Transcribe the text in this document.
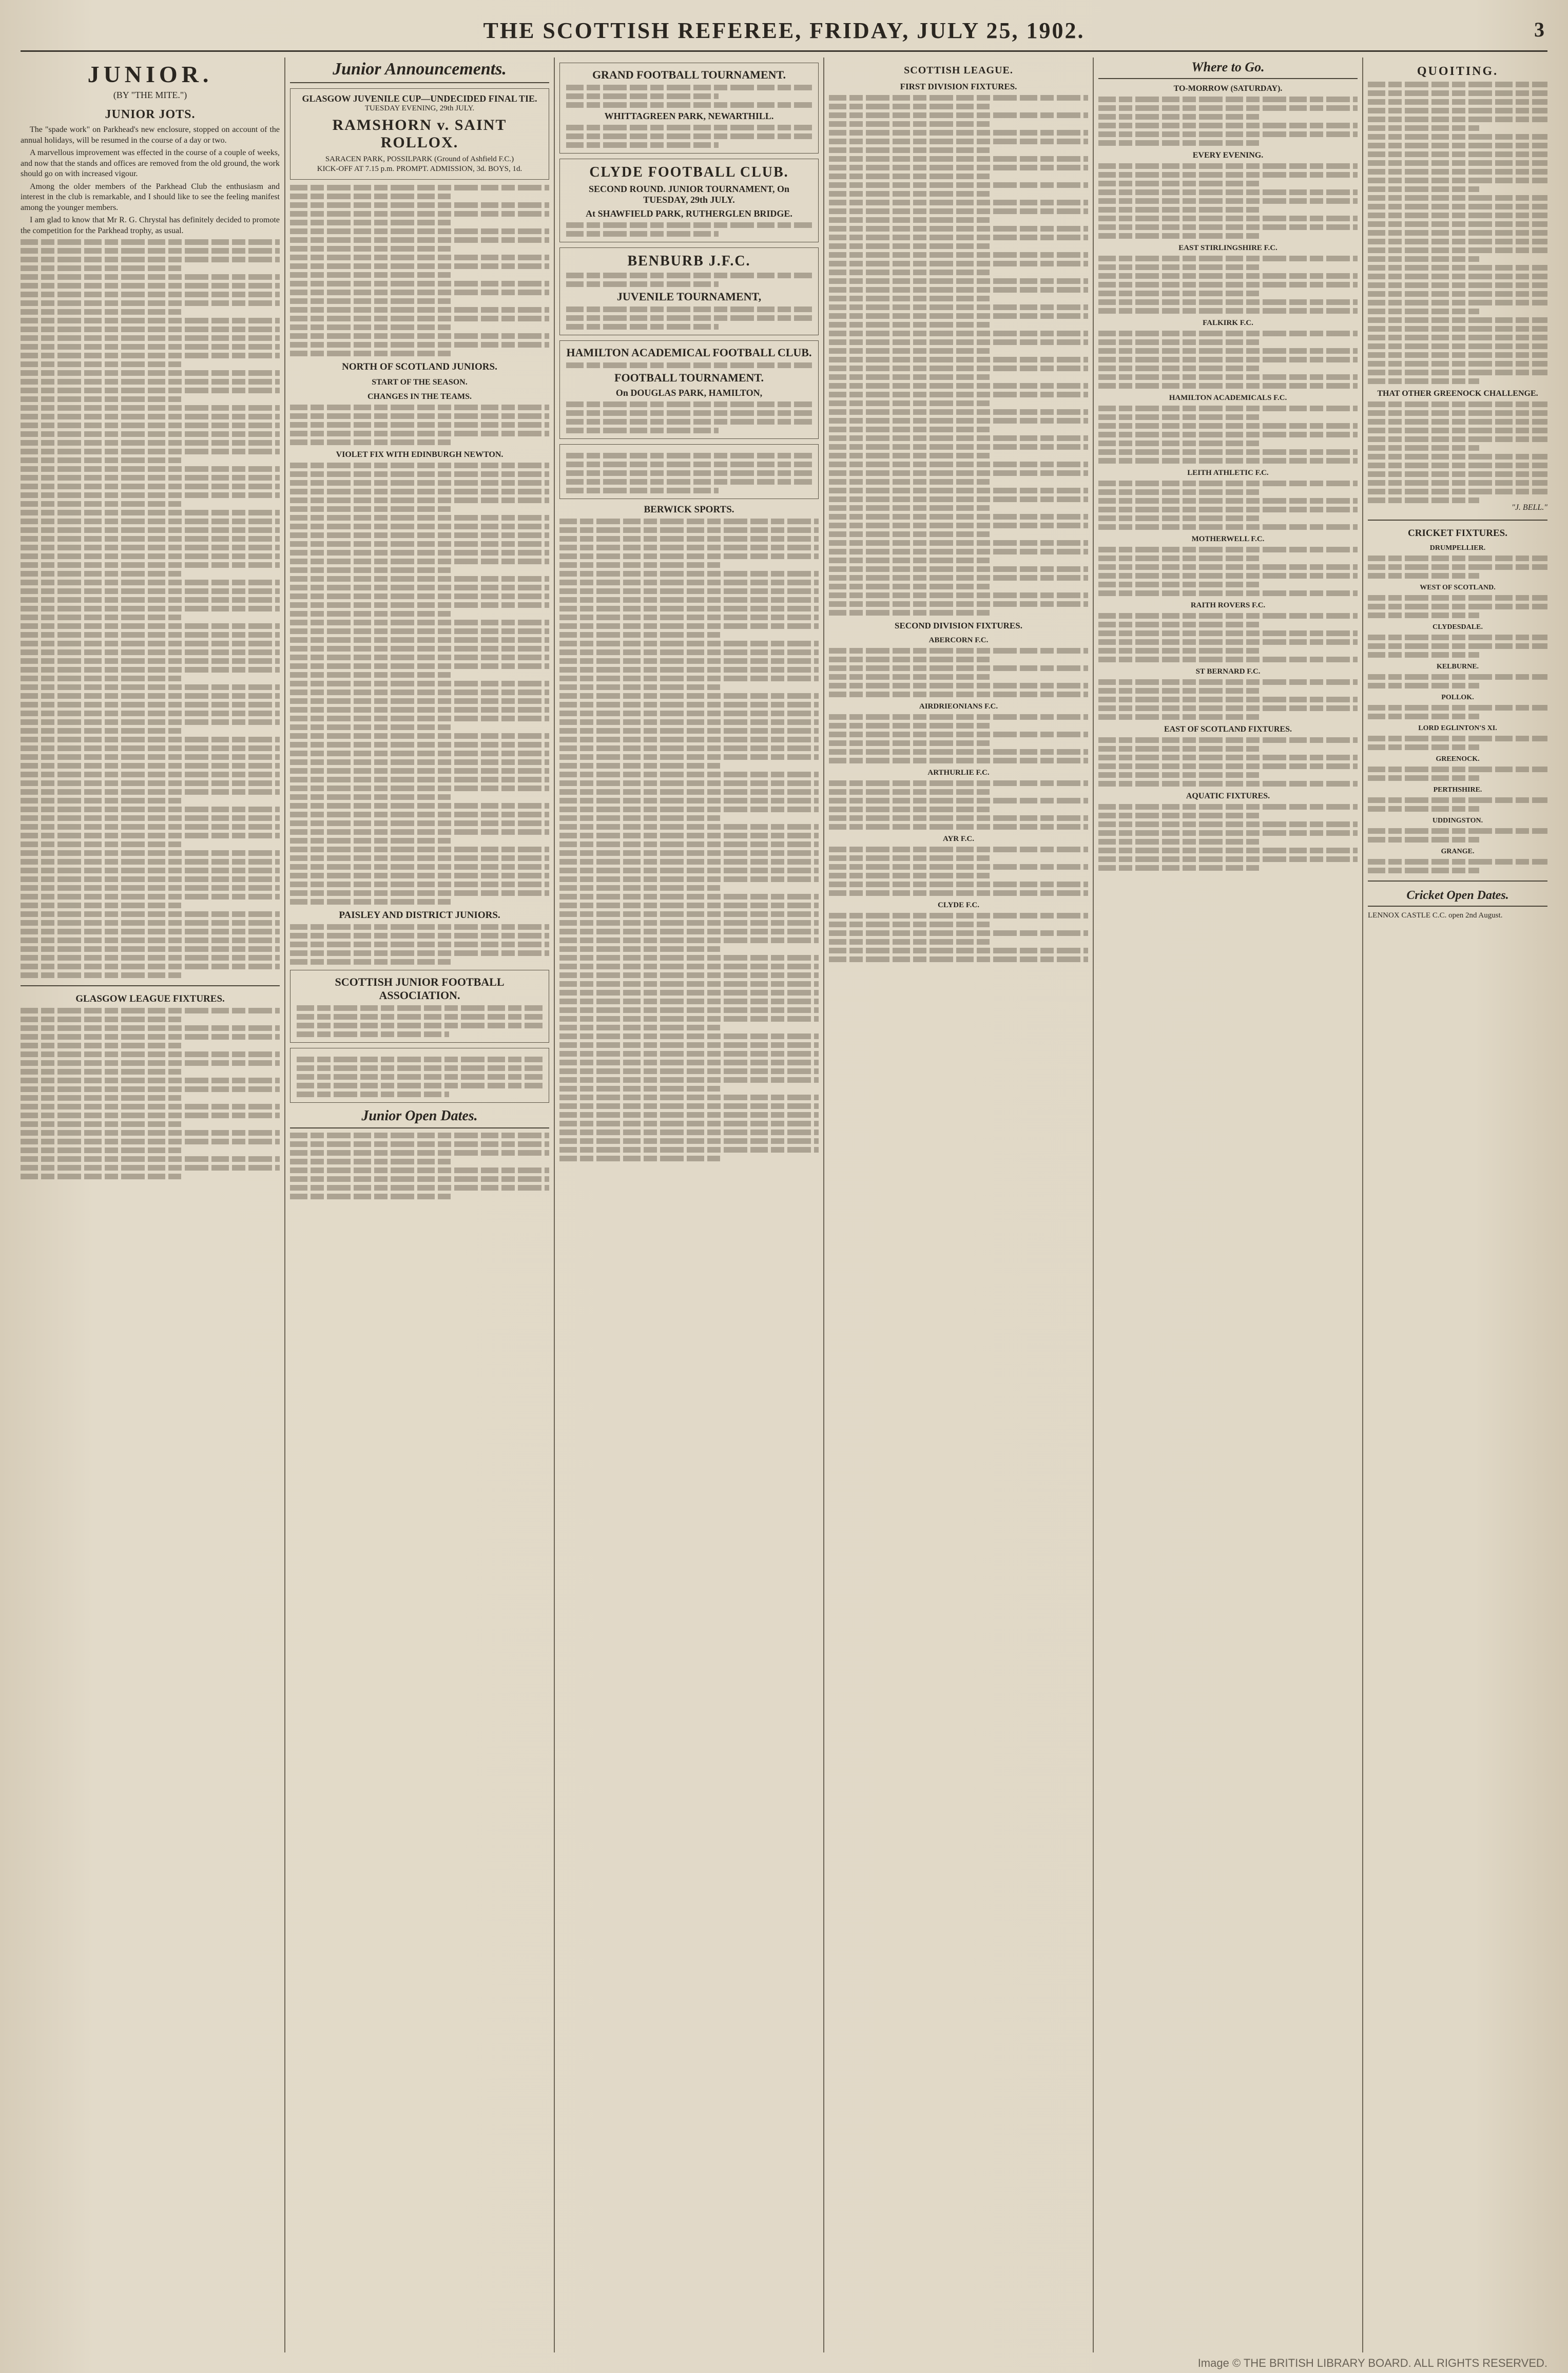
THE SCOTTISH REFEREE, FRIDAY, JULY 25, 1902.	3
JUNIOR.
(BY "THE MITE.")
JUNIOR JOTS.

The "spade work" on Parkhead's new enclosure, stopped on account of the annual holidays, will be resumed in the course of a day or two.

A marvellous improvement was effected in the course of a couple of weeks, and now that the stands and offices are removed from the old ground, the work should go on with increased vigour.

Among the older members of the Parkhead Club the enthusiasm and interest in the club is remarkable, and I should like to see the feeling manifest among the younger members.

I am glad to know that Mr R. G. Chrystal has definitely decided to promote the competition for the Parkhead trophy, as usual.

GLASGOW LEAGUE FIXTURES.
Junior Announcements.
GLASGOW JUVENILE CUP—UNDECIDED FINAL TIE.
TUESDAY EVENING, 29th JULY.
RAMSHORN v. SAINT ROLLOX.
SARACEN PARK, POSSILPARK (Ground of Ashfield F.C.)
KICK-OFF AT 7.15 p.m. PROMPT. ADMISSION, 3d. BOYS, 1d.
NORTH OF SCOTLAND JUNIORS.
START OF THE SEASON.
CHANGES IN THE TEAMS.
VIOLET FIX WITH EDINBURGH NEWTON.
PAISLEY AND DISTRICT JUNIORS.
SCOTTISH JUNIOR FOOTBALL ASSOCIATION.
Junior Open Dates.
GRAND FOOTBALL TOURNAMENT.
WHITTAGREEN PARK, NEWARTHILL.
CLYDE FOOTBALL CLUB.
SECOND ROUND. JUNIOR TOURNAMENT, On TUESDAY, 29th JULY.
At SHAWFIELD PARK, RUTHERGLEN BRIDGE.
BENBURB J.F.C.
JUVENILE TOURNAMENT,
HAMILTON ACADEMICAL FOOTBALL CLUB.
FOOTBALL TOURNAMENT.
On DOUGLAS PARK, HAMILTON,
BERWICK SPORTS.
SCOTTISH LEAGUE.
FIRST DIVISION FIXTURES.
SECOND DIVISION FIXTURES.
ABERCORN F.C.
AIRDRIEONIANS F.C.
ARTHURLIE F.C.
AYR F.C.
CLYDE F.C.
Where to Go.
TO-MORROW (SATURDAY).
EVERY EVENING.
EAST STIRLINGSHIRE F.C.
FALKIRK F.C.
HAMILTON ACADEMICALS F.C.
LEITH ATHLETIC F.C.
MOTHERWELL F.C.
RAITH ROVERS F.C.
ST BERNARD F.C.
EAST OF SCOTLAND FIXTURES.
AQUATIC FIXTURES.
QUOITING.
THAT OTHER GREENOCK CHALLENGE.
"J. BELL."
CRICKET FIXTURES.
DRUMPELLIER.
WEST OF SCOTLAND.
CLYDESDALE.
KELBURNE.
POLLOK.
LORD EGLINTON'S XI.
GREENOCK.
PERTHSHIRE.
UDDINGSTON.
GRANGE.
Cricket Open Dates.
LENNOX CASTLE C.C. open 2nd August.
Image © THE BRITISH LIBRARY BOARD. ALL RIGHTS RESERVED.
